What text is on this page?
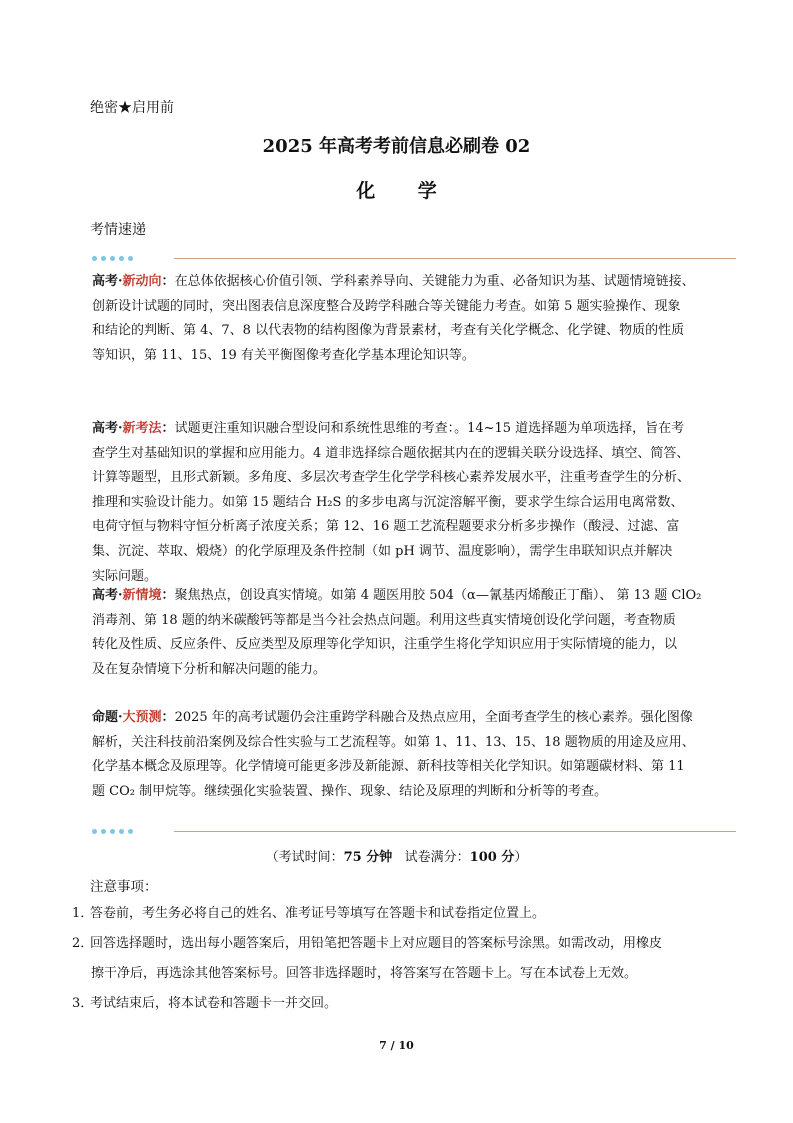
绝密★启用前
2025 年高考考前信息必刷卷 02
化 学
考情速递
高考·新动向：在总体依据核心价值引领、学科素养导向、关键能力为重、必备知识为基、试题情境链接、
创新设计试题的同时，突出图表信息深度整合及跨学科融合等关键能力考查。如第 5 题实验操作、现象
和结论的判断、第 4、7、8 以代表物的结构图像为背景素材，考查有关化学概念、化学键、物质的性质
等知识，第 11、15、19 有关平衡图像考查化学基本理论知识等。
高考·新考法：试题更注重知识融合型设问和系统性思维的考查：。14~15 道选择题为单项选择，旨在考
查学生对基础知识的掌握和应用能力。4 道非选择综合题依据其内在的逻辑关联分设选择、填空、简答、
计算等题型，且形式新颖。多角度、多层次考查学生化学学科核心素养发展水平，注重考查学生的分析、
推理和实验设计能力。如第 15 题结合 H₂S 的多步电离与沉淀溶解平衡，要求学生综合运用电离常数、
电荷守恒与物料守恒分析离子浓度关系；第 12、16 题工艺流程题要求分析多步操作（酸浸、过滤、富
集、沉淀、萃取、煅烧）的化学原理及条件控制（如 pH 调节、温度影响），需学生串联知识点并解决
实际问题。
高考·新情境：聚焦热点，创设真实情境。如第 4 题医用胶 504（α—氰基丙烯酸正丁酯）、 第 13 题 ClO₂
消毒剂、第 18 题的纳米碳酸钙等都是当今社会热点问题。利用这些真实情境创设化学问题，考查物质
转化及性质、反应条件、反应类型及原理等化学知识，注重学生将化学知识应用于实际情境的能力，以
及在复杂情境下分析和解决问题的能力。
命题·大预测：2025 年的高考试题仍会注重跨学科融合及热点应用，全面考查学生的核心素养。强化图像
解析，关注科技前沿案例及综合性实验与工艺流程等。如第 1、11、13、15、18 题物质的用途及应用、
化学基本概念及原理等。化学情境可能更多涉及新能源、新科技等相关化学知识。如第题碳材料、第 11
题 CO₂ 制甲烷等。继续强化实验装置、操作、现象、结论及原理的判断和分析等的考查。
（考试时间：75 分钟   试卷满分：100 分）
注意事项：
1．答卷前，考生务必将自己的姓名、准考证号等填写在答题卡和试卷指定位置上。
2．回答选择题时，选出每小题答案后，用铅笔把答题卡上对应题目的答案标号涂黑。如需改动，用橡皮
擦干净后，再选涂其他答案标号。回答非选择题时，将答案写在答题卡上。写在本试卷上无效。
3．考试结束后，将本试卷和答题卡一并交回。
7 / 10
